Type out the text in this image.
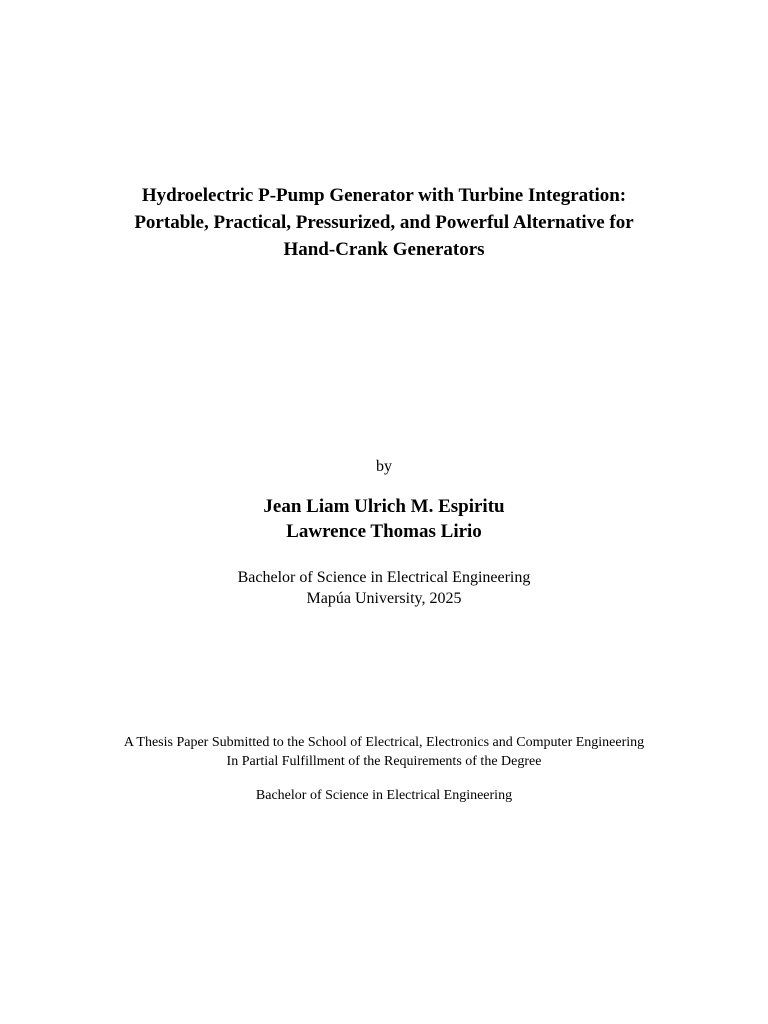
Hydroelectric P-Pump Generator with Turbine Integration:
Portable, Practical, Pressurized, and Powerful Alternative for
Hand-Crank Generators
by
Jean Liam Ulrich M. Espiritu
Lawrence Thomas Lirio
Bachelor of Science in Electrical Engineering
Mapúa University, 2025
A Thesis Paper Submitted to the School of Electrical, Electronics and Computer Engineering
In Partial Fulfillment of the Requirements of the Degree
Bachelor of Science in Electrical Engineering
